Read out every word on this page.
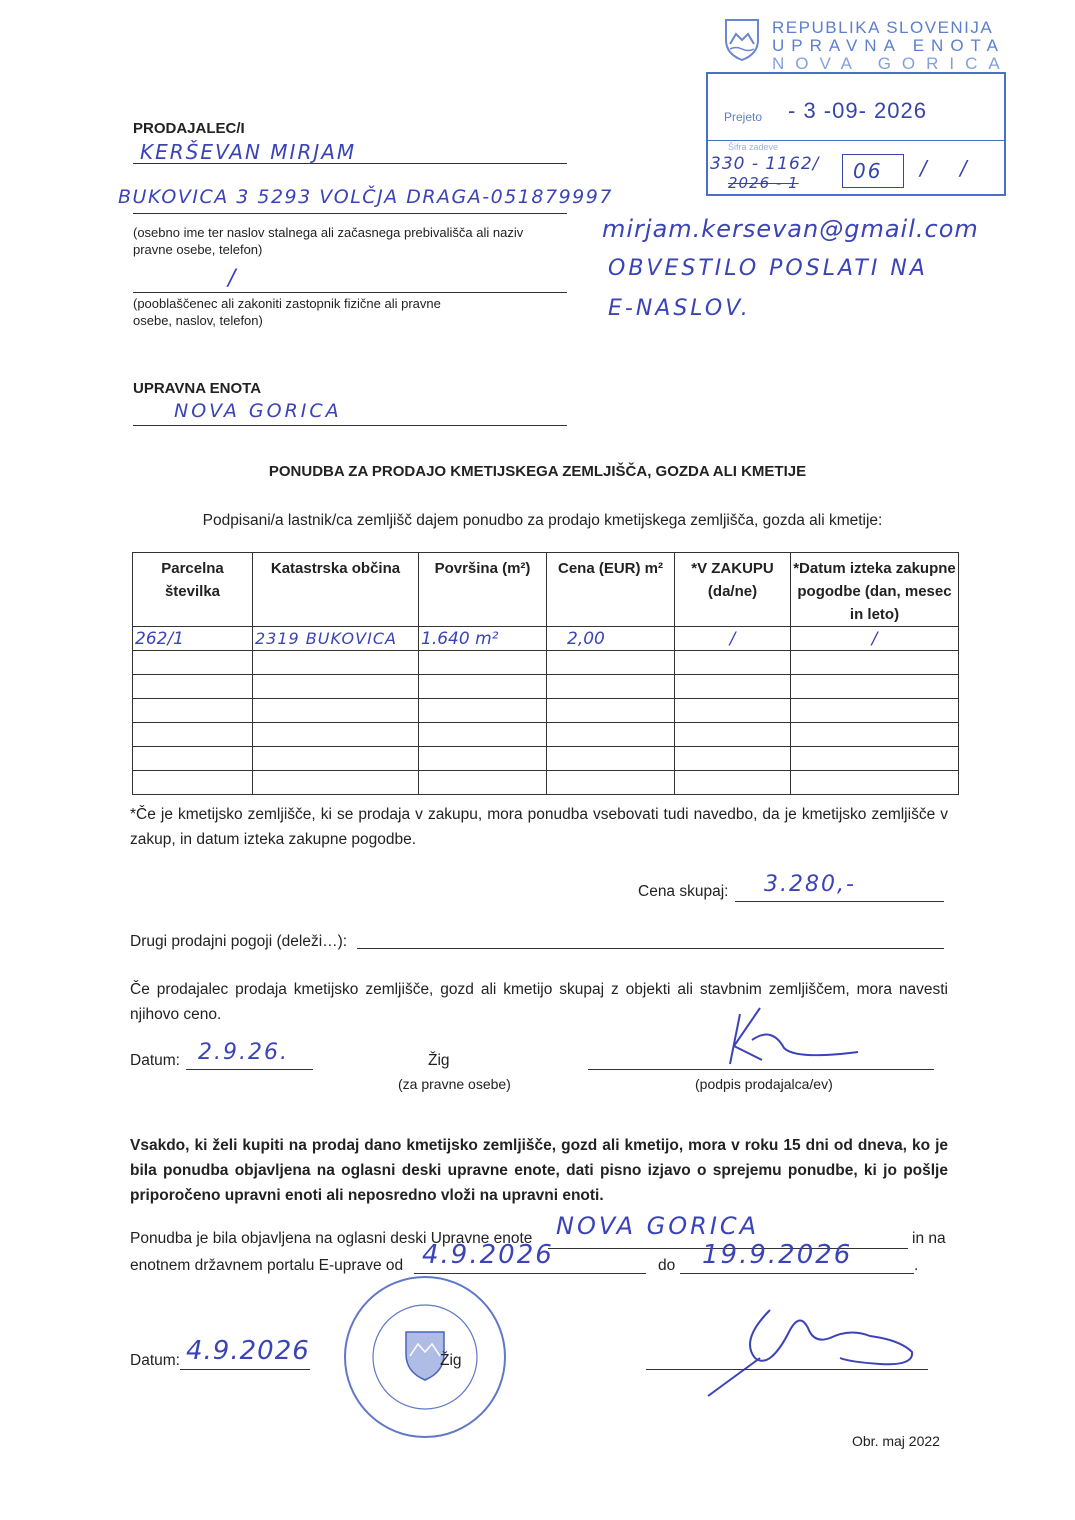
REPUBLIKA SLOVENIJA
UPRAVNA ENOTA
NOVA GORICA
Prejeto - 3 -09- 2026
Šifra zadeve
330 - 1162/
2026 - 1	06 / /
PRODAJALEC/I
KERŠEVAN MIRJAM
BUKOVICA 3 5293 VOLČJA DRAGA-051879997
(osebno ime ter naslov stalnega ali začasnega prebivališča ali naziv pravne osebe, telefon)
/
(pooblaščenec ali zakoniti zastopnik fizične ali pravne osebe, naslov, telefon)
mirjam.kersevan@gmail.com
OBVESTILO POSLATI NA
E-NASLOV.
UPRAVNA ENOTA
NOVA GORICA
PONUDBA ZA PRODAJO KMETIJSKEGA ZEMLJIŠČA, GOZDA ALI KMETIJE
Podpisani/a lastnik/ca zemljišč dajem ponudbo za prodajo kmetijskega zemljišča, gozda ali kmetije:
Parcelna številka	Katastrska občina	Površina (m²)	Cena (EUR) m²	*V ZAKUPU (da/ne)	*Datum izteka zakupne pogodbe (dan, mesec in leto)
262/1	2319 BUKOVICA	1.640 m²	2,00	/	/

*Če je kmetijsko zemljišče, ki se prodaja v zakupu, mora ponudba vsebovati tudi navedbo, da je kmetijsko zemljišče v zakup, in datum izteka zakupne pogodbe.
Cena skupaj: 3.280,-
Drugi prodajni pogoji (deleži…):
Če prodajalec prodaja kmetijsko zemljišče, gozd ali kmetijo skupaj z objekti ali stavbnim zemljiščem, mora navesti njihovo ceno.
Datum: 2.9.26.	Žig
(za pravne osebe)	(podpis prodajalca/ev)
Vsakdo, ki želi kupiti na prodaj dano kmetijsko zemljišče, gozd ali kmetijo, mora v roku 15 dni od dneva, ko je bila ponudba objavljena na oglasni deski upravne enote, dati pisno izjavo o sprejemu ponudbe, ki jo pošlje priporočeno upravni enoti ali neposredno vloži na upravni enoti.
Ponudba je bila objavljena na oglasni deski Upravne enote NOVA GORICA	in na
enotnem državnem portalu E-uprave od 4.9.2026	do 19.9.2026	.
Datum: 4.9.2026	Žig
Obr. maj 2022
